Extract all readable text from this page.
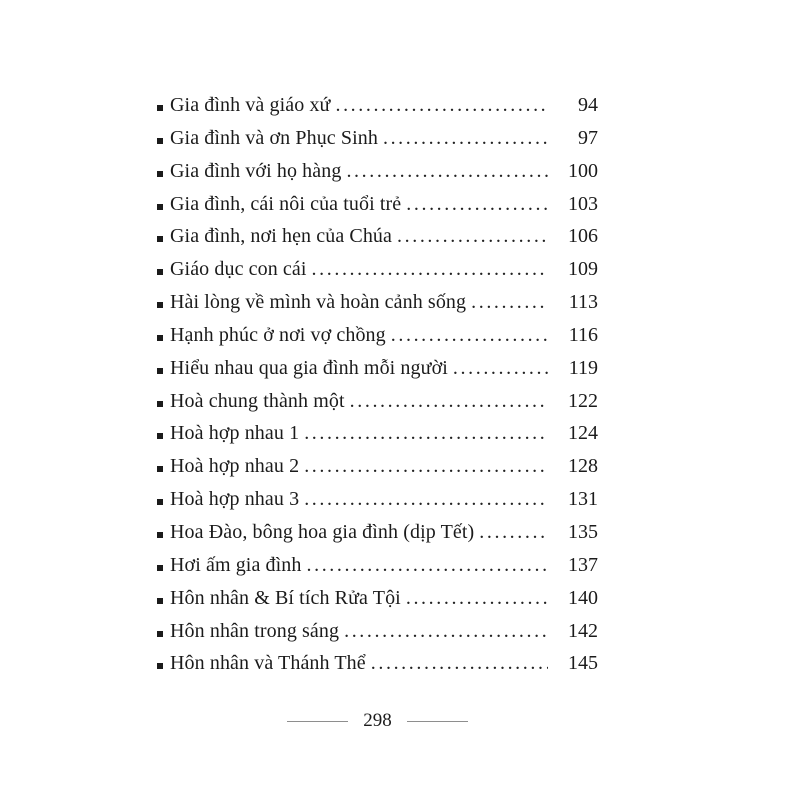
Gia đình và giáo xứ .....	94
Gia đình và ơn Phục Sinh .....	97
Gia đình với họ hàng .....	100
Gia đình, cái nôi của tuổi trẻ .....	103
Gia đình, nơi hẹn của Chúa .....	106
Giáo dục con cái .....	109
Hài lòng về mình và hoàn cảnh sống .....	113
Hạnh phúc ở nơi vợ chồng .....	116
Hiểu nhau qua gia đình mỗi người .....	119
Hoà chung thành một .....	122
Hoà hợp nhau 1 .....	124
Hoà hợp nhau 2 .....	128
Hoà hợp nhau 3 .....	131
Hoa Đào, bông hoa gia đình (dịp Tết) .....	135
Hơi ấm gia đình .....	137
Hôn nhân & Bí tích Rửa Tội .....	140
Hôn nhân trong sáng .....	142
Hôn nhân và Thánh Thể .....	145
298
